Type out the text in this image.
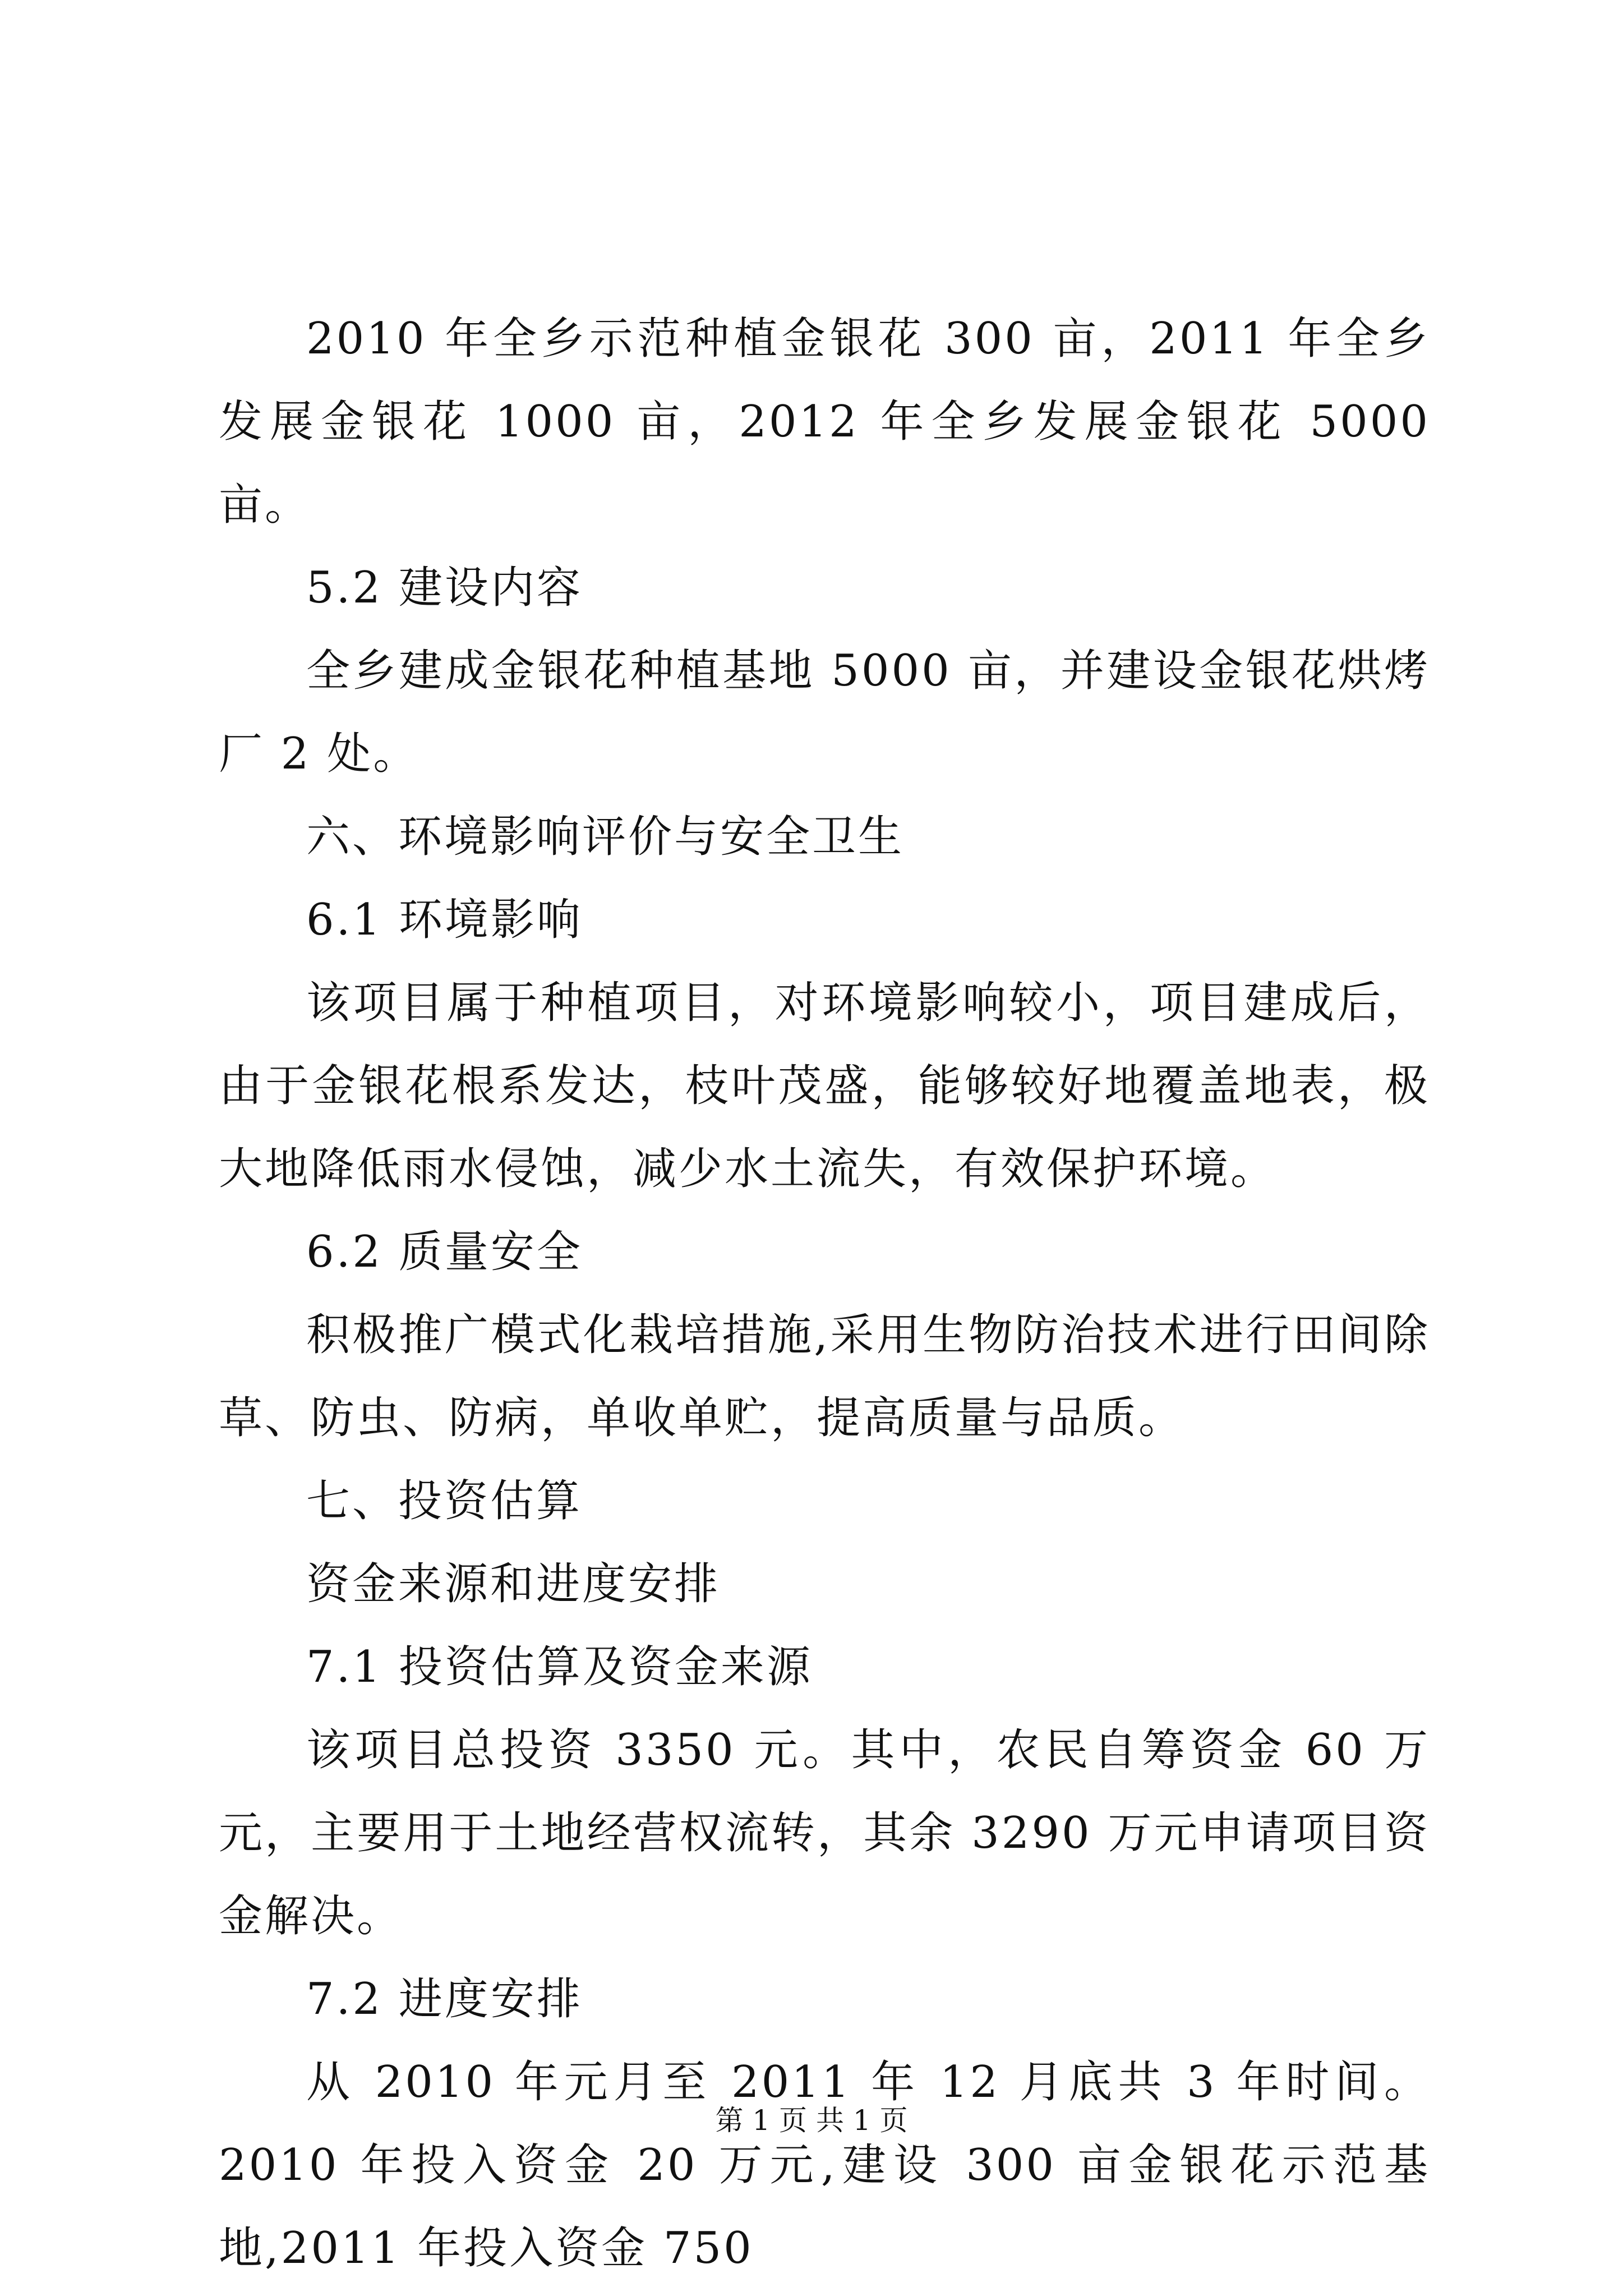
2010 年全乡示范种植金银花 300 亩，2011 年全乡发展金银花 1000 亩，2012 年全乡发展金银花 5000 亩。

5.2 建设内容

全乡建成金银花种植基地 5000 亩，并建设金银花烘烤厂 2 处。

六、环境影响评价与安全卫生

6.1 环境影响

该项目属于种植项目，对环境影响较小，项目建成后，由于金银花根系发达，枝叶茂盛，能够较好地覆盖地表，极大地降低雨水侵蚀，减少水土流失，有效保护环境。

6.2 质量安全

积极推广模式化栽培措施,采用生物防治技术进行田间除草、防虫、防病，单收单贮，提高质量与品质。

七、投资估算

资金来源和进度安排

7.1 投资估算及资金来源

该项目总投资 3350 元。其中，农民自筹资金 60 万元，主要用于土地经营权流转，其余 3290 万元申请项目资金解决。

7.2 进度安排

从 2010 年元月至 2011 年 12 月底共 3 年时间。2010 年投入资金 20 万元,建设 300 亩金银花示范基地,2011 年投入资金 750

第 1 页 共 1 页
